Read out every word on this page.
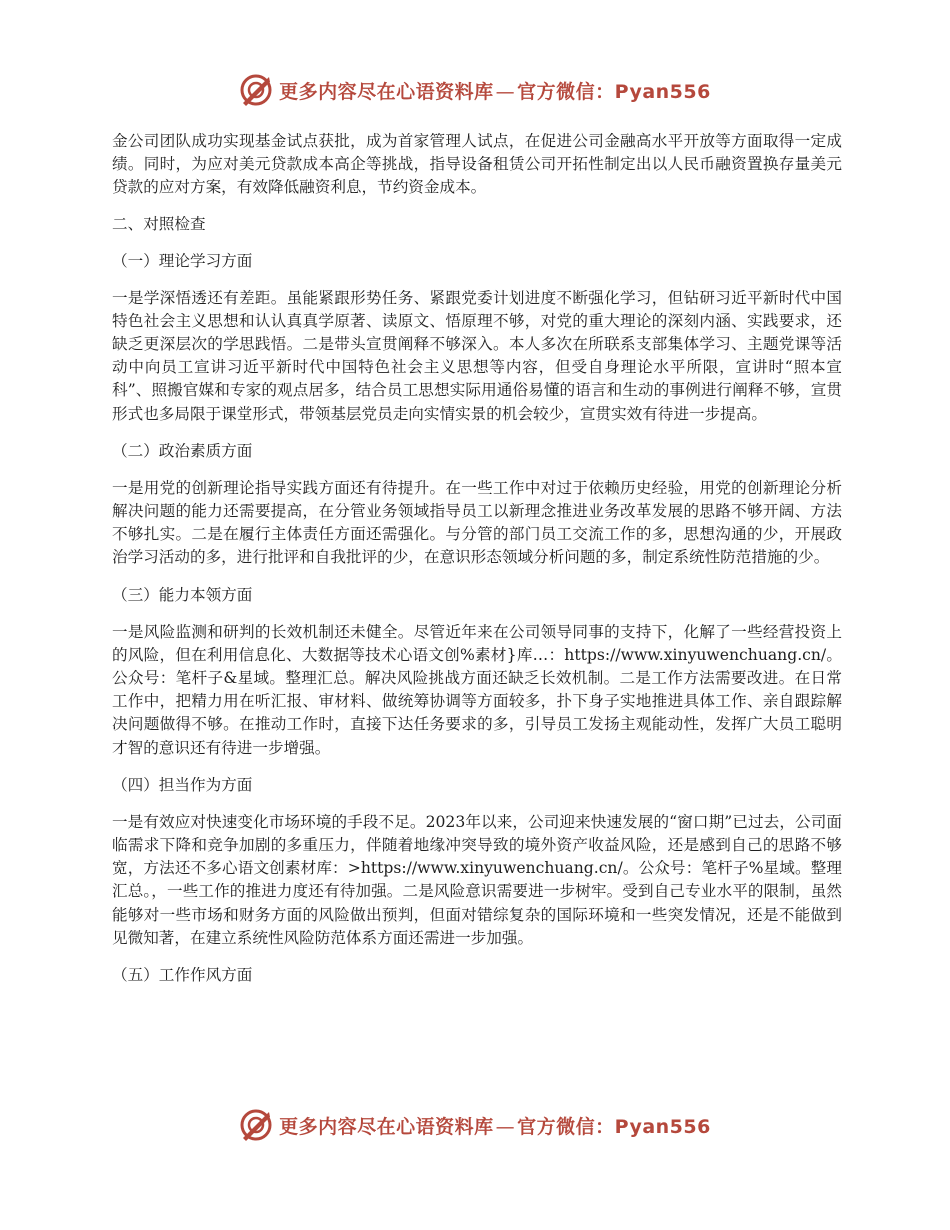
更多内容尽在心语资料库 — 官方微信：Pyan556

金公司团队成功实现基金试点获批，成为首家管理人试点，在促进公司金融高水平开放等方面取得一定成绩。同时，为应对美元贷款成本高企等挑战，指导设备租赁公司开拓性制定出以人民币融资置换存量美元贷款的应对方案，有效降低融资利息，节约资金成本。

二、对照检查

（一）理论学习方面

一是学深悟透还有差距。虽能紧跟形势任务、紧跟党委计划进度不断强化学习，但钻研习近平新时代中国特色社会主义思想和认认真真学原著、读原文、悟原理不够，对党的重大理论的深刻内涵、实践要求，还缺乏更深层次的学思践悟。二是带头宣贯阐释不够深入。本人多次在所联系支部集体学习、主题党课等活动中向员工宣讲习近平新时代中国特色社会主义思想等内容，但受自身理论水平所限，宣讲时“照本宣科”、照搬官媒和专家的观点居多，结合员工思想实际用通俗易懂的语言和生动的事例进行阐释不够，宣贯形式也多局限于课堂形式，带领基层党员走向实情实景的机会较少，宣贯实效有待进一步提高。

（二）政治素质方面

一是用党的创新理论指导实践方面还有待提升。在一些工作中对过于依赖历史经验，用党的创新理论分析解决问题的能力还需要提高，在分管业务领域指导员工以新理念推进业务改革发展的思路不够开阔、方法不够扎实。二是在履行主体责任方面还需强化。与分管的部门员工交流工作的多，思想沟通的少，开展政治学习活动的多，进行批评和自我批评的少，在意识形态领域分析问题的多，制定系统性防范措施的少。

（三）能力本领方面

一是风险监测和研判的长效机制还未健全。尽管近年来在公司领导同事的支持下，化解了一些经营投资上的风险，但在利用信息化、大数据等技术心语文创%素材}库…：https://www.xinyuwenchuang.cn/。公众号：笔杆子&星域。整理汇总。解决风险挑战方面还缺乏长效机制。二是工作方法需要改进。在日常工作中，把精力用在听汇报、审材料、做统筹协调等方面较多，扑下身子实地推进具体工作、亲自跟踪解决问题做得不够。在推动工作时，直接下达任务要求的多，引导员工发扬主观能动性，发挥广大员工聪明才智的意识还有待进一步增强。

（四）担当作为方面

一是有效应对快速变化市场环境的手段不足。2023年以来，公司迎来快速发展的“窗口期”已过去，公司面临需求下降和竞争加剧的多重压力，伴随着地缘冲突导致的境外资产收益风险，还是感到自己的思路不够宽，方法还不多心语文创素材库：>https://www.xinyuwenchuang.cn/。公众号：笔杆子%星域。整理汇总。，一些工作的推进力度还有待加强。二是风险意识需要进一步树牢。受到自己专业水平的限制，虽然能够对一些市场和财务方面的风险做出预判，但面对错综复杂的国际环境和一些突发情况，还是不能做到见微知著，在建立系统性风险防范体系方面还需进一步加强。

（五）工作作风方面

更多内容尽在心语资料库 — 官方微信：Pyan556
